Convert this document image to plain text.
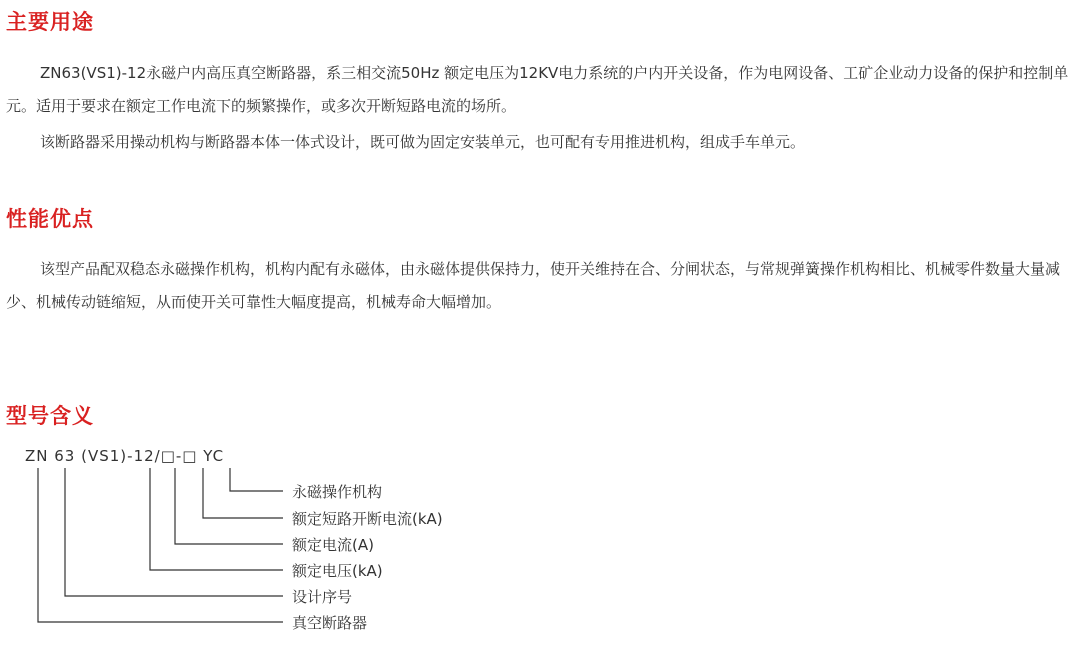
主要用途

ZN63(VS1)-12永磁户内高压真空断路器，系三相交流50Hz 额定电压为12KV电力系统的户内开关设备，作为电网设备、工矿企业动力设备的保护和控制单元。适用于要求在额定工作电流下的频繁操作，或多次开断短路电流的场所。

该断路器采用操动机构与断路器本体一体式设计，既可做为固定安装单元，也可配有专用推进机构，组成手车单元。

性能优点

该型产品配双稳态永磁操作机构，机构内配有永磁体，由永磁体提供保持力，使开关维持在合、分闸状态，与常规弹簧操作机构相比、机械零件数量大量减少、机械传动链缩短，从而使开关可靠性大幅度提高，机械寿命大幅增加。

型号含义
ZN 63 (VS1)-12/□-□ YC
永磁操作机构
额定短路开断电流(kA)
额定电流(A)
额定电压(kA)
设计序号
真空断路器
